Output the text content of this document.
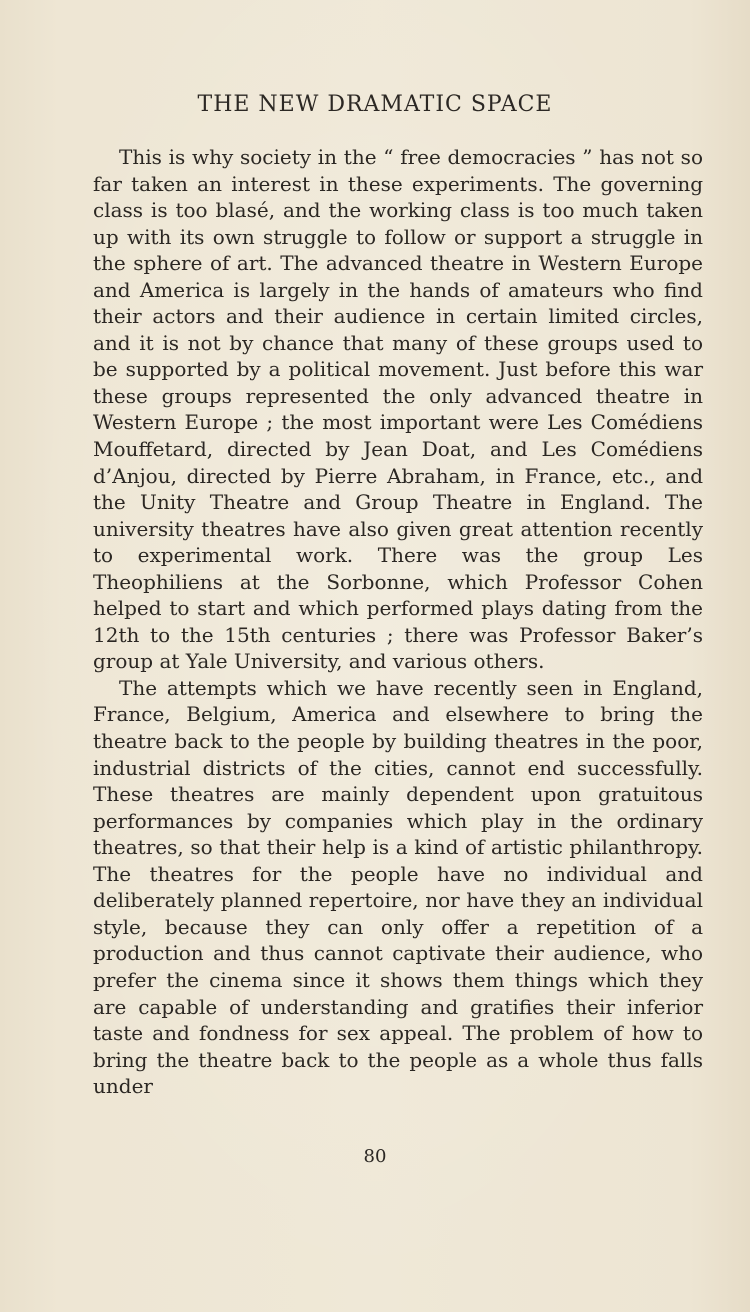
THE NEW DRAMATIC SPACE

This is why society in the “ free democracies ” has not so far taken an interest in these experiments. The governing class is too blasé, and the working class is too much taken up with its own struggle to follow or support a struggle in the sphere of art. The advanced theatre in Western Europe and America is largely in the hands of amateurs who find their actors and their audience in certain limited circles, and it is not by chance that many of these groups used to be supported by a political movement. Just before this war these groups represented the only advanced theatre in Western Europe ; the most important were Les Comédiens Mouffetard, directed by Jean Doat, and Les Comédiens d’Anjou, directed by Pierre Abraham, in France, etc., and the Unity Theatre and Group Theatre in England. The university theatres have also given great attention recently to experimental work. There was the group Les Theophiliens at the Sorbonne, which Professor Cohen helped to start and which performed plays dating from the 12th to the 15th centuries ; there was Professor Baker’s group at Yale University, and various others.

The attempts which we have recently seen in England, France, Belgium, America and elsewhere to bring the theatre back to the people by building theatres in the poor, industrial districts of the cities, cannot end successfully. These theatres are mainly dependent upon gratuitous performances by companies which play in the ordinary theatres, so that their help is a kind of artistic philanthropy. The theatres for the people have no individual and deliberately planned repertoire, nor have they an individual style, because they can only offer a repetition of a production and thus cannot captivate their audience, who prefer the cinema since it shows them things which they are capable of understanding and gratifies their inferior taste and fondness for sex appeal. The problem of how to bring the theatre back to the people as a whole thus falls under

80
